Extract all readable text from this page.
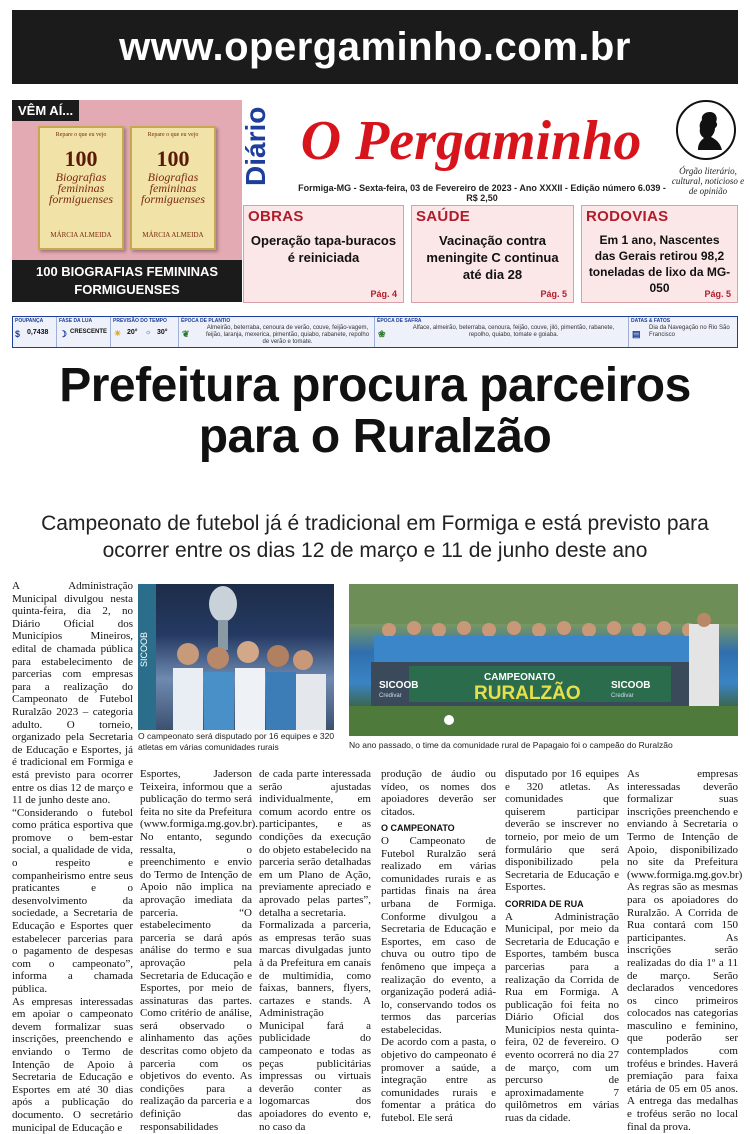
www.opergaminho.com.br
VÊM AÍ...
Repare o que eu vejo
100
Biografias femininas formiguenses
MÁRCIA ALMEIDA
Repare o que eu vejo
100
Biografias femininas formiguenses
MÁRCIA ALMEIDA
100 BIOGRAFIAS FEMININAS FORMIGUENSES
Diário O Pergaminho	Órgão literário, cultural, noticioso e de opinião
Formiga-MG - Sexta-feira, 03 de Fevereiro de 2023 - Ano XXXII - Edição número 6.039 - R$ 2,50
OBRAS
Operação tapa-buracos é reiniciada
Pág. 4
SAÚDE
Vacinação contra meningite C continua até dia 28
Pág. 5
RODOVIAS
Em 1 ano, Nascentes das Gerais retirou 98,2 toneladas de lixo da MG-050	Pág. 5
POUPANÇA
$ 0,7438
FASE DA LUA
☽ CRESCENTE
PREVISÃO DO TEMPO
☀ 20° ☼ 30°
ÉPOCA DE PLANTIO
❦
Almeirão, beterraba, cenoura de verão, couve, feijão-vagem, feijão, laranja, mexerica, pimentão, quiabo, rabanete, repolho de verão e tomate.
ÉPOCA DE SAFRA
❀
Alface, almeirão, beterraba, cenoura, feijão, couve, jiló, pimentão, rabanete, repolho, quiabo, tomate e goiaba.
DATAS & FATOS
▤
Dia da Navegação no Rio São Francisco
Prefeitura procura parceiros para o Ruralzão
Campeonato de futebol já é tradicional em Formiga e está previsto para ocorrer entre os dias 12 de março e 11 de junho deste ano

A Administração Municipal divulgou nesta quinta-feira, dia 2, no Diário Oficial dos Municípios Mineiros, edital de chamada pública para estabelecimento de parcerias com empresas para a realização do Campeonato de Futebol Ruralzão 2023 – categoria adulto. O torneio, organizado pela Secretaria de Educação e Esportes, já é tradicional em Formiga e está previsto para ocorrer entre os dias 12 de março e 11 de junho deste ano.

“Considerando o futebol como prática esportiva que promove o bem-estar social, a qualidade de vida, o respeito e companheirismo entre seus praticantes e o desenvolvimento da sociedade, a Secretaria de Educação e Esportes quer estabelecer parcerias para o pagamento de despesas com o campeonato”, informa a chamada pública.

As empresas interessadas em apoiar o campeonato devem formalizar suas inscrições, preenchendo e enviando o Termo de Intenção de Apoio à Secretaria de Educação e Esportes em até 30 dias após a publicação do documento. O secretário municipal de Educação e

SICOOB
O campeonato será disputado por 16 equipes e 320 atletas em várias comunidades rurais
CAMPEONATO
RURALZÃO
SICOOB
Credivar
SICOOB
Credivar
No ano passado, o time da comunidade rural de Papagaio foi o campeão do Ruralzão

Esportes, Jaderson Teixeira, informou que a publicação do termo será feita no site da Prefeitura (www.formiga.mg.gov.br).

No entanto, segundo ressalta, o preenchimento e envio do Termo de Intenção de Apoio não implica na aprovação imediata da parceria. “O estabelecimento da parceria se dará após análise do termo e sua aprovação pela Secretaria de Educação e Esportes, por meio de assinaturas das partes. Como critério de análise, será observado o alinhamento das ações descritas como objeto da parceria com os objetivos do evento. As condições para a realização da parceria e a definição das responsabilidades

de cada parte interessada serão ajustadas individualmente, em comum acordo entre os participantes, e as condições da execução do objeto estabelecido na parceria serão detalhadas em um Plano de Ação, previamente apreciado e aprovado pelas partes”, detalha a secretaria.

Formalizada a parceria, as empresas terão suas marcas divulgadas junto à da Prefeitura em canais de multimídia, como faixas, banners, flyers, cartazes e stands. A Administração Municipal fará a publicidade do campeonato e todas as peças publicitárias impressas ou virtuais deverão conter as logomarcas dos apoiadores do evento e, no caso da

produção de áudio ou vídeo, os nomes dos apoiadores deverão ser citados.

O CAMPEONATO

O Campeonato de Futebol Ruralzão será realizado em várias comunidades rurais e as partidas finais na área urbana de Formiga. Conforme divulgou a Secretaria de Educação e Esportes, em caso de chuva ou outro tipo de fenômeno que impeça a realização do evento, a organização poderá adiá-lo, conservando todos os termos das parcerias estabelecidas.

De acordo com a pasta, o objetivo do campeonato é promover a saúde, a integração entre as comunidades rurais e fomentar a prática do futebol. Ele será

disputado por 16 equipes e 320 atletas. As comunidades que quiserem participar deverão se inscrever no torneio, por meio de um formulário que será disponibilizado pela Secretaria de Educação e Esportes.

CORRIDA DE RUA

A Administração Municipal, por meio da Secretaria de Educação e Esportes, também busca parcerias para a realização da Corrida de Rua em Formiga. A publicação foi feita no Diário Oficial dos Municípios nesta quinta-feira, 02 de fevereiro. O evento ocorrerá no dia 27 de março, com um percurso de aproximadamente 7 quilômetros em várias ruas da cidade.

As empresas interessadas deverão formalizar suas inscrições preenchendo e enviando à Secretaria o Termo de Intenção de Apoio, disponibilizado no site da Prefeitura (www.formiga.mg.gov.br)

As regras são as mesmas para os apoiadores do Ruralzão. A Corrida de Rua contará com 150 participantes. As inscrições serão realizadas do dia 1º a 11 de março. Serão declarados vencedores os cinco primeiros colocados nas categorias masculino e feminino, que poderão ser contemplados com troféus e brindes. Haverá premiação para faixa etária de 05 em 05 anos. A entrega das medalhas e troféus serão no local final da prova.
